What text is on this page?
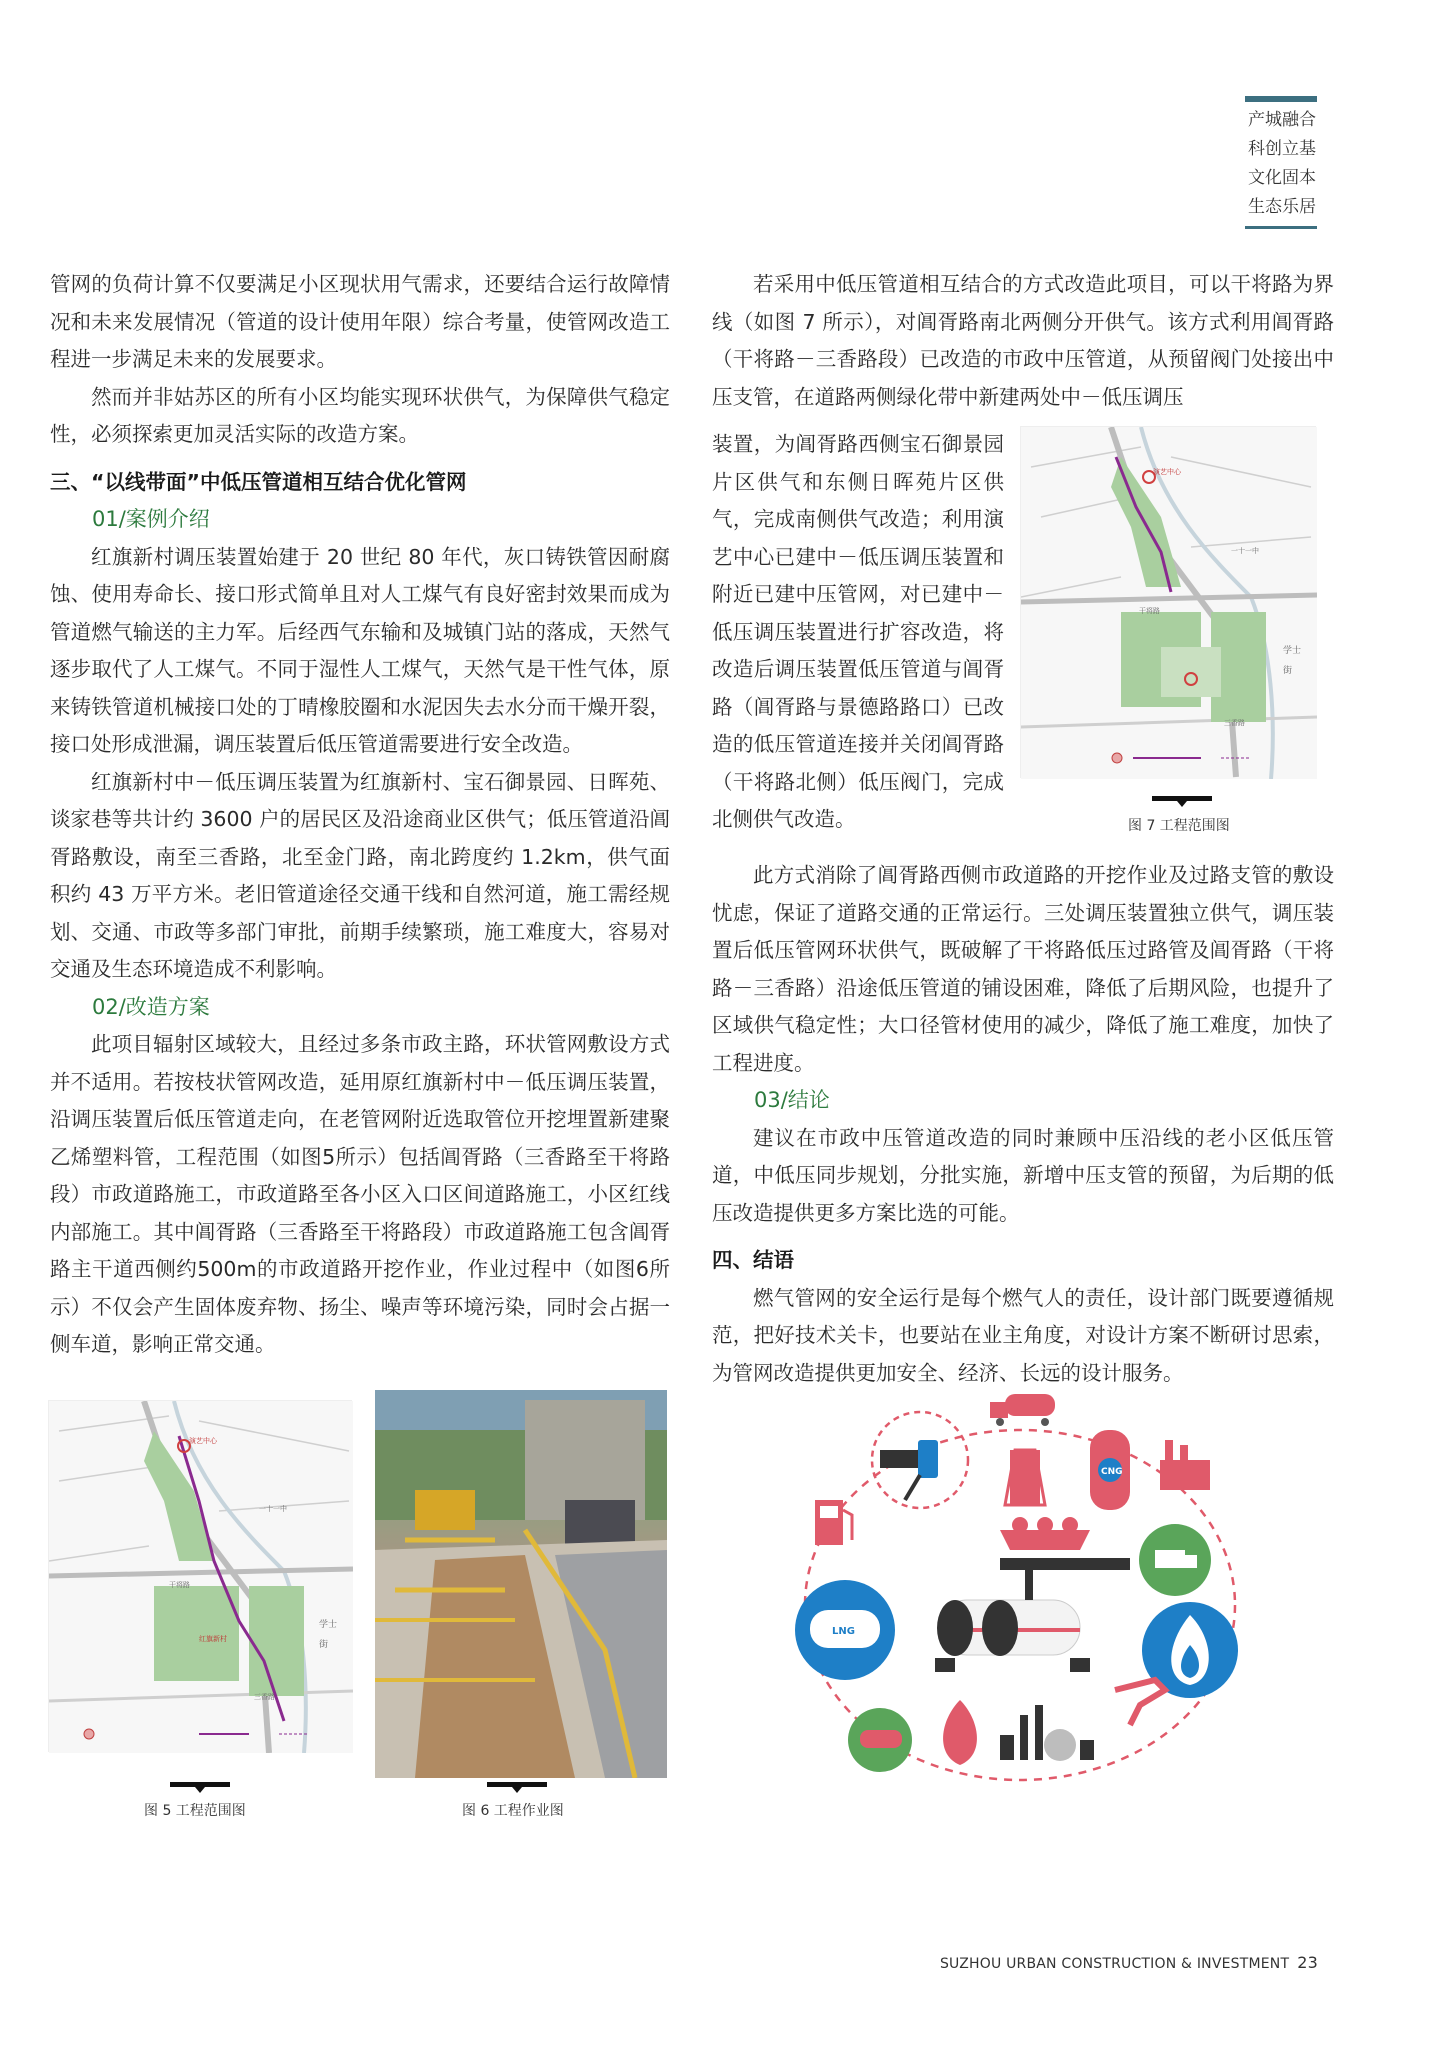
产城融合
科创立基
文化固本
生态乐居

管网的负荷计算不仅要满足小区现状用气需求，还要结合运行故障情况和未来发展情况（管道的设计使用年限）综合考量，使管网改造工程进一步满足未来的发展要求。

然而并非姑苏区的所有小区均能实现环状供气，为保障供气稳定性，必须探索更加灵活实际的改造方案。

三、“以线带面”中低压管道相互结合优化管网

01/案例介绍

红旗新村调压装置始建于 20 世纪 80 年代，灰口铸铁管因耐腐蚀、使用寿命长、接口形式简单且对人工煤气有良好密封效果而成为管道燃气输送的主力军。后经西气东输和及城镇门站的落成，天然气逐步取代了人工煤气。不同于湿性人工煤气，天然气是干性气体，原来铸铁管道机械接口处的丁晴橡胶圈和水泥因失去水分而干燥开裂，接口处形成泄漏，调压装置后低压管道需要进行安全改造。

红旗新村中－低压调压装置为红旗新村、宝石御景园、日晖苑、谈家巷等共计约 3600 户的居民区及沿途商业区供气；低压管道沿阊胥路敷设，南至三香路，北至金门路，南北跨度约 1.2km，供气面积约 43 万平方米。老旧管道途径交通干线和自然河道，施工需经规划、交通、市政等多部门审批，前期手续繁琐，施工难度大，容易对交通及生态环境造成不利影响。

02/改造方案

此项目辐射区域较大，且经过多条市政主路，环状管网敷设方式并不适用。若按枝状管网改造，延用原红旗新村中－低压调压装置，沿调压装置后低压管道走向，在老管网附近选取管位开挖埋置新建聚乙烯塑料管，工程范围（如图5所示）包括阊胥路（三香路至干将路段）市政道路施工，市政道路至各小区入口区间道路施工，小区红线内部施工。其中阊胥路（三香路至干将路段）市政道路施工包含阊胥路主干道西侧约500m的市政道路开挖作业，作业过程中（如图6所示）不仅会产生固体废弃物、扬尘、噪声等环境污染，同时会占据一侧车道，影响正常交通。

若采用中低压管道相互结合的方式改造此项目，可以干将路为界线（如图 7 所示），对阊胥路南北两侧分开供气。该方式利用阊胥路（干将路－三香路段）已改造的市政中压管道，从预留阀门处接出中压支管，在道路两侧绿化带中新建两处中－低压调压

装置，为阊胥路西侧宝石御景园片区供气和东侧日晖苑片区供气，完成南侧供气改造；利用演艺中心已建中－低压调压装置和附近已建中压管网，对已建中－低压调压装置进行扩容改造，将改造后调压装置低压管道与阊胥路（阊胥路与景德路路口）已改造的低压管道连接并关闭阊胥路（干将路北侧）低压阀门，完成北侧供气改造。

此方式消除了阊胥路西侧市政道路的开挖作业及过路支管的敷设忧虑，保证了道路交通的正常运行。三处调压装置独立供气，调压装置后低压管网环状供气，既破解了干将路低压过路管及阊胥路（干将路－三香路）沿途低压管道的铺设困难，降低了后期风险，也提升了区域供气稳定性；大口径管材使用的减少，降低了施工难度，加快了工程进度。

03/结论

建议在市政中压管道改造的同时兼顾中压沿线的老小区低压管道，中低压同步规划，分批实施，新增中压支管的预留，为后期的低压改造提供更多方案比选的可能。

四、结语

燃气管网的安全运行是每个燃气人的责任，设计部门既要遵循规范，把好技术关卡，也要站在业主角度，对设计方案不断研讨思索，为管网改造提供更加安全、经济、长远的设计服务。

演艺中心
一十一中
干将路
学士
街
三香路
图 7 工程范围图
演艺中心
一十一中
干将路
红旗新村
学士
街
三香路
图 5 工程范围图	图 6 工程作业图
CNG
LNG
SUZHOU URBAN CONSTRUCTION & INVESTMENT 23
